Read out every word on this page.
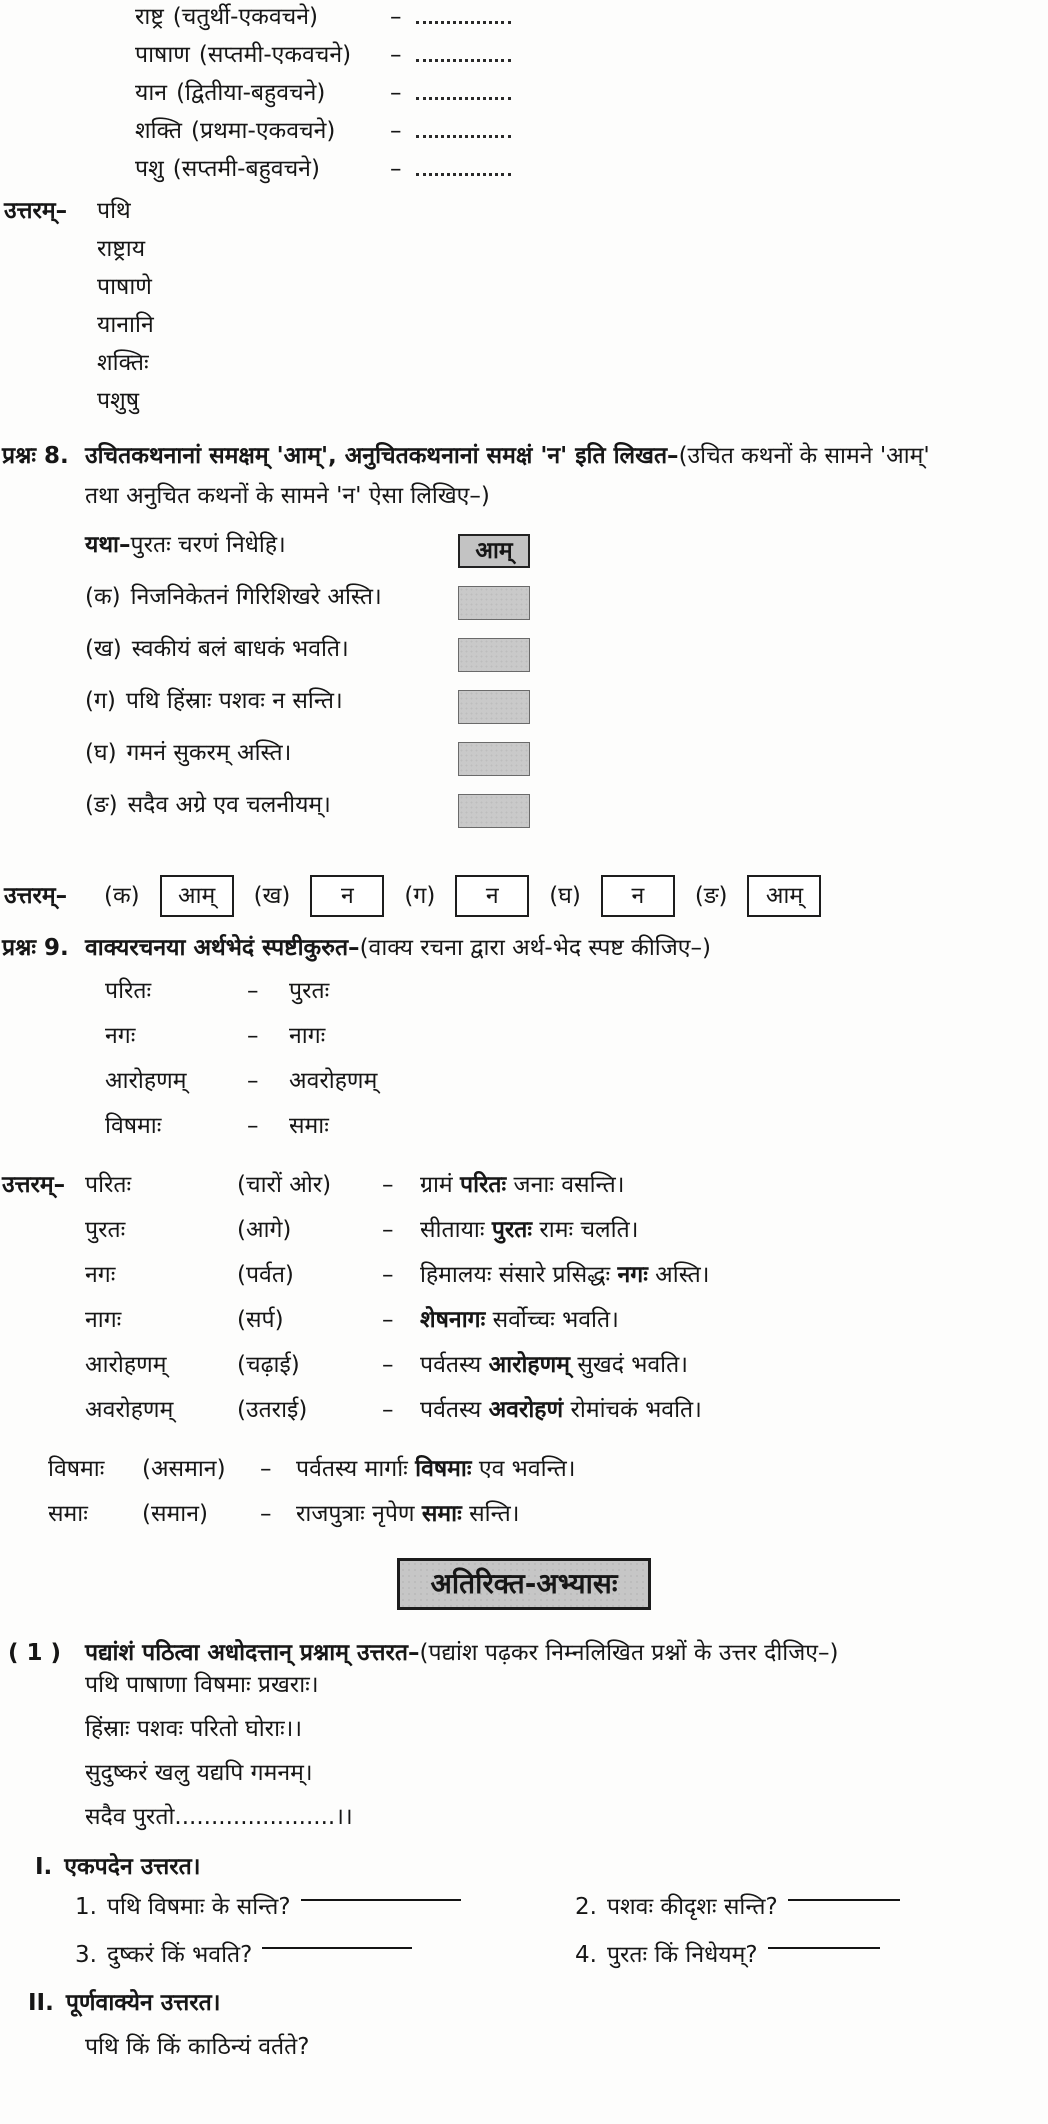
राष्ट्र (चतुर्थी-एकवचने)	–
पाषाण (सप्तमी-एकवचने) –
यान (द्वितीया-बहुवचने)	–
शक्ति (प्रथमा-एकवचने) –
पशु (सप्तमी-बहुवचने)	–
उत्तरम्–	पथि
राष्ट्राय
पाषाणे
यानानि
शक्तिः
पशुषु
प्रश्नः 8. उचितकथनानां समक्षम् 'आम्', अनुचितकथनानां समक्षं 'न' इति लिखत–(उचित कथनों के सामने 'आम्' तथा अनुचित कथनों के सामने 'न' ऐसा लिखिए–)
यथा–पुरतः चरणं निधेहि।	आम्
(क) निजनिकेतनं गिरिशिखरे अस्ति।
(ख) स्वकीयं बलं बाधकं भवति।
(ग) पथि हिंस्राः पशवः न सन्ति।
(घ) गमनं सुकरम् अस्ति।
(ङ) सदैव अग्रे एव चलनीयम्।
उत्तरम्–	(क)	आम्	(ख)	न	(ग)	न	(घ)	न	(ङ)	आम्
प्रश्नः 9. वाक्यरचनया अर्थभेदं स्पष्टीकुरुत–(वाक्य रचना द्वारा अर्थ-भेद स्पष्ट कीजिए–)
परितः	–	पुरतः
नगः	–	नागः
आरोहणम्	–	अवरोहणम्
विषमाः	–	समाः
उत्तरम्– परितः	(चारों ओर)	–	ग्रामं परितः जनाः वसन्ति।
पुरतः	(आगे)	–	सीतायाः पुरतः रामः चलति।
नगः	(पर्वत)	–	हिमालयः संसारे प्रसिद्धः नगः अस्ति।
नागः	(सर्प)	–	शेषनागः सर्वोच्चः भवति।
आरोहणम्	(चढ़ाई)	–	पर्वतस्य आरोहणम् सुखदं भवति।
अवरोहणम्	(उतराई)	–	पर्वतस्य अवरोहणं रोमांचकं भवति।
विषमाः	(असमान)	–	पर्वतस्य मार्गाः विषमाः एव भवन्ति।
समाः	(समान)	–	राजपुत्राः नृपेण समाः सन्ति।
अतिरिक्त-अभ्यासः
( 1 ) पद्यांशं पठित्वा अधोदत्तान् प्रश्नाम् उत्तरत–(पद्यांश पढ़कर निम्नलिखित प्रश्नों के उत्तर दीजिए–)
पथि पाषाणा विषमाः प्रखराः।
हिंस्राः पशवः परितो घोराः।।
सुदुष्करं खलु यद्यपि गमनम्।
सदैव पुरतो......................।।
I. एकपदेन उत्तरत।
1. पथि विषमाः के सन्ति?	2. पशवः कीदृशः सन्ति?
3. दुष्करं किं भवति?	4. पुरतः किं निधेयम्?
II. पूर्णवाक्येन उत्तरत।
पथि किं किं काठिन्यं वर्तते?
